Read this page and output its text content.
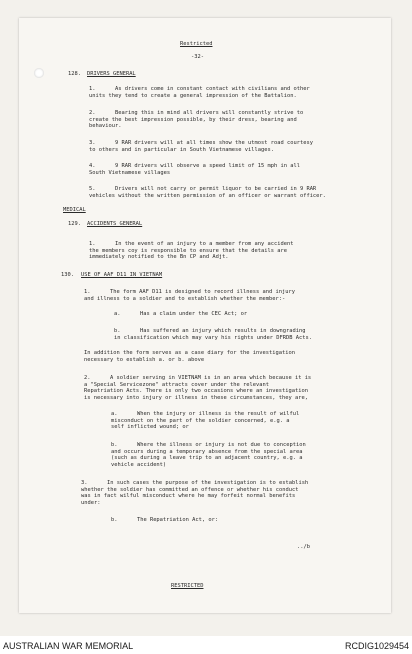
Restricted
-32-
128. DRIVERS GENERAL
1.      As drivers come in constant contact with civilians and other
units they tend to create a general impression of the Battalion.
2.      Bearing this in mind all drivers will constantly strive to
create the best impression possible, by their dress, bearing and
behaviour.
3.      9 RAR drivers will at all times show the utmost road courtesy
to others and in particular in South Vietnamese villages.
4.      9 RAR drivers will observe a speed limit of 15 mph in all
South Vietnamese villages
5.      Drivers will not carry or permit liquor to be carried in 9 RAR
vehicles without the written permission of an officer or warrant officer.
MEDICAL
129. ACCIDENTS GENERAL
1.      In the event of an injury to a member from any accident
the members coy is responsible to ensure that the details are
immediately notified to the Bn CP and Adjt.
130. USE OF AAF D11 IN VIETNAM
1.      The form AAF D11 is designed to record illness and injury
and illness to a soldier and to establish whether the member:-
a.      Has a claim under the CEC Act; or
b.      Has suffered an injury which results in downgrading
in classification which may vary his rights under DFRDB Acts.
In addition the form serves as a case diary for the investigation
necessary to establish a. or b. above
2.      A soldier serving in VIETNAM is in an area which because it is
a "Special Servicezone" attracts cover under the relevant
Repatriation Acts. There is only two occasions where an investigation
is necessary into injury or illness in these circumstances, they are,
a.      When the injury or illness is the result of wilful
misconduct on the part of the soldier concerned, e.g. a
self inflicted wound; or
b.      Where the illness or injury is not due to conception
and occurs during a temporary absence from the special area
(such as during a leave trip to an adjacent country, e.g. a
vehicle accident)
3.      In such cases the purpose of the investigation is to establish
whether the soldier has committed an offence or whether his conduct
was in fact wilful misconduct where he may forfeit normal benefits
under:
b.      The Repatriation Act, or:
../b
RESTRICTED
AUSTRALIAN WAR MEMORIAL	RCDIG1029454
